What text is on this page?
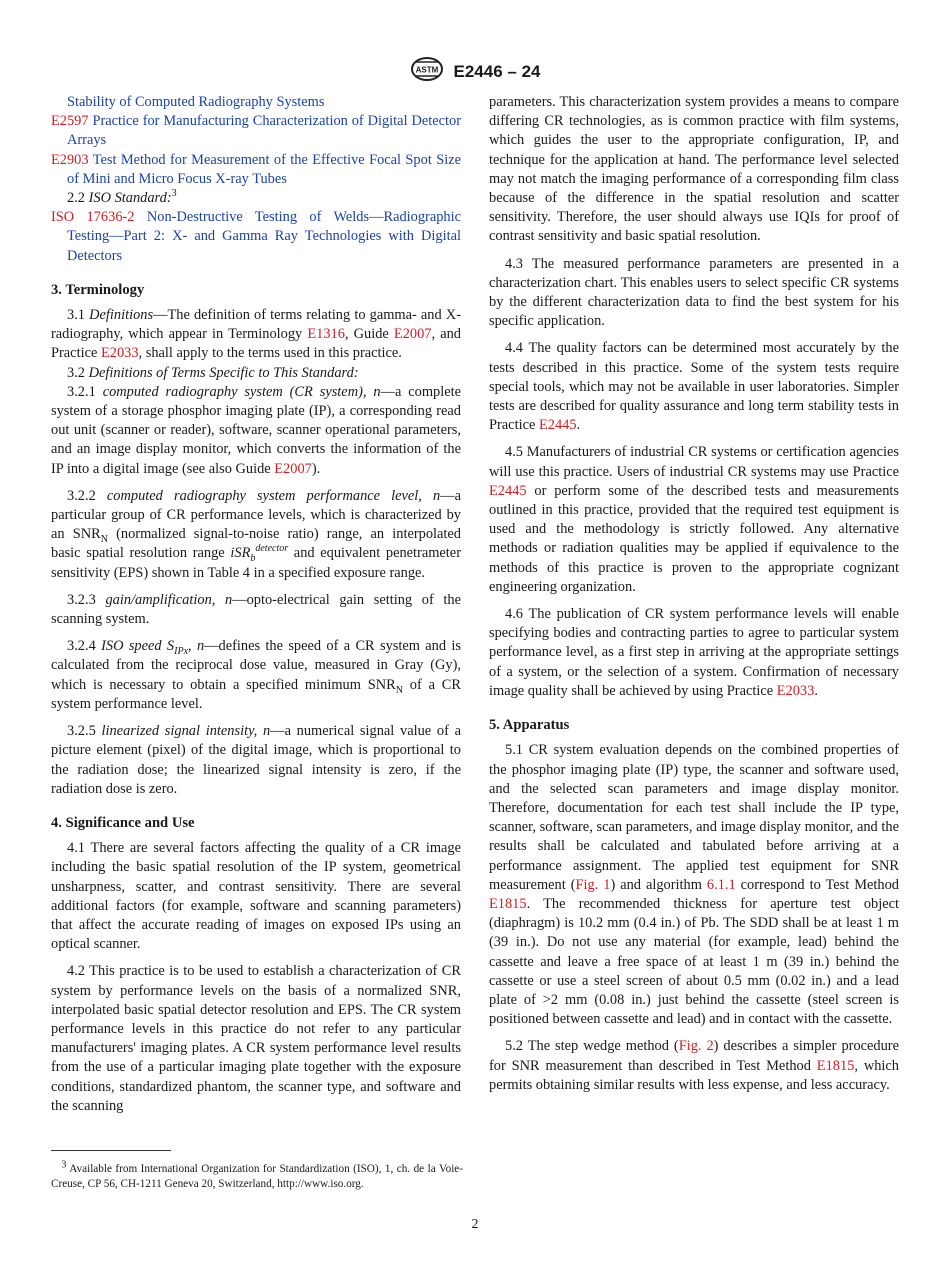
ASTM E2446 – 24
Stability of Computed Radiography Systems
E2597 Practice for Manufacturing Characterization of Digital Detector Arrays
E2903 Test Method for Measurement of the Effective Focal Spot Size of Mini and Micro Focus X-ray Tubes

2.2 ISO Standard:$^3$

ISO 17636-2 Non-Destructive Testing of Welds—Radiographic Testing—Part 2: X- and Gamma Ray Technologies with Digital Detectors
3. Terminology

3.1 Definitions—The definition of terms relating to gamma- and X-radiography, which appear in Terminology E1316, Guide E2007, and Practice E2033, shall apply to the terms used in this practice.

3.2 Definitions of Terms Specific to This Standard:

3.2.1 computed radiography system (CR system), n—a complete system of a storage phosphor imaging plate (IP), a corresponding read out unit (scanner or reader), software, scanner operational parameters, and an image display monitor, which converts the information of the IP into a digital image (see also Guide E2007).

3.2.2 computed radiography system performance level, n—a particular group of CR performance levels, which is characterized by an $SNR_N$ (normalized signal-to-noise ratio) range, an interpolated basic spatial resolution range iSR$_b^{detector}$ and equivalent penetrameter sensitivity (EPS) shown in Table 4 in a specified exposure range.

3.2.3 gain/amplification, n—opto-electrical gain setting of the scanning system.

3.2.4 ISO speed $S_{IPx}$, n—defines the speed of a CR system and is calculated from the reciprocal dose value, measured in Gray (Gy), which is necessary to obtain a specified minimum $SNR_N$ of a CR system performance level.

3.2.5 linearized signal intensity, n—a numerical signal value of a picture element (pixel) of the digital image, which is proportional to the radiation dose; the linearized signal intensity is zero, if the radiation dose is zero.

4. Significance and Use

4.1 There are several factors affecting the quality of a CR image including the basic spatial resolution of the IP system, geometrical unsharpness, scatter, and contrast sensitivity. There are several additional factors (for example, software and scanning parameters) that affect the accurate reading of images on exposed IPs using an optical scanner.

4.2 This practice is to be used to establish a characterization of CR system by performance levels on the basis of a normalized SNR, interpolated basic spatial detector resolution and EPS. The CR system performance levels in this practice do not refer to any particular manufacturers' imaging plates. A CR system performance level results from the use of a particular imaging plate together with the exposure conditions, standardized phantom, the scanner type, and software and the scanning

parameters. This characterization system provides a means to compare differing CR technologies, as is common practice with film systems, which guides the user to the appropriate configuration, IP, and technique for the application at hand. The performance level selected may not match the imaging performance of a corresponding film class because of the difference in the spatial resolution and scatter sensitivity. Therefore, the user should always use IQIs for proof of contrast sensitivity and basic spatial resolution.

4.3 The measured performance parameters are presented in a characterization chart. This enables users to select specific CR systems by the different characterization data to find the best system for his specific application.

4.4 The quality factors can be determined most accurately by the tests described in this practice. Some of the system tests require special tools, which may not be available in user laboratories. Simpler tests are described for quality assurance and long term stability tests in Practice E2445.

4.5 Manufacturers of industrial CR systems or certification agencies will use this practice. Users of industrial CR systems may use Practice E2445 or perform some of the described tests and measurements outlined in this practice, provided that the required test equipment is used and the methodology is strictly followed. Any alternative methods or radiation qualities may be applied if equivalence to the methods of this practice is proven to the appropriate cognizant engineering organization.

4.6 The publication of CR system performance levels will enable specifying bodies and contracting parties to agree to particular system performance level, as a first step in arriving at the appropriate settings of a system, or the selection of a system. Confirmation of necessary image quality shall be achieved by using Practice E2033.

5. Apparatus

5.1 CR system evaluation depends on the combined properties of the phosphor imaging plate (IP) type, the scanner and software used, and the selected scan parameters and image display monitor. Therefore, documentation for each test shall include the IP type, scanner, software, scan parameters, and image display monitor, and the results shall be calculated and tabulated before arriving at a performance assignment. The applied test equipment for SNR measurement (Fig. 1) and algorithm 6.1.1 correspond to Test Method E1815. The recommended thickness for aperture test object (diaphragm) is 10.2 mm (0.4 in.) of Pb. The SDD shall be at least 1 m (39 in.). Do not use any material (for example, lead) behind the cassette and leave a free space of at least 1 m (39 in.) behind the cassette or use a steel screen of about 0.5 mm (0.02 in.) and a lead plate of >2 mm (0.08 in.) just behind the cassette (steel screen is positioned between cassette and lead) and in contact with the cassette.

5.2 The step wedge method (Fig. 2) describes a simpler procedure for SNR measurement than described in Test Method E1815, which permits obtaining similar results with less expense, and less accuracy.

$^3$ Available from International Organization for Standardization (ISO), 1, ch. de la Voie-Creuse, CP 56, CH-1211 Geneva 20, Switzerland, http://www.iso.org.
2
